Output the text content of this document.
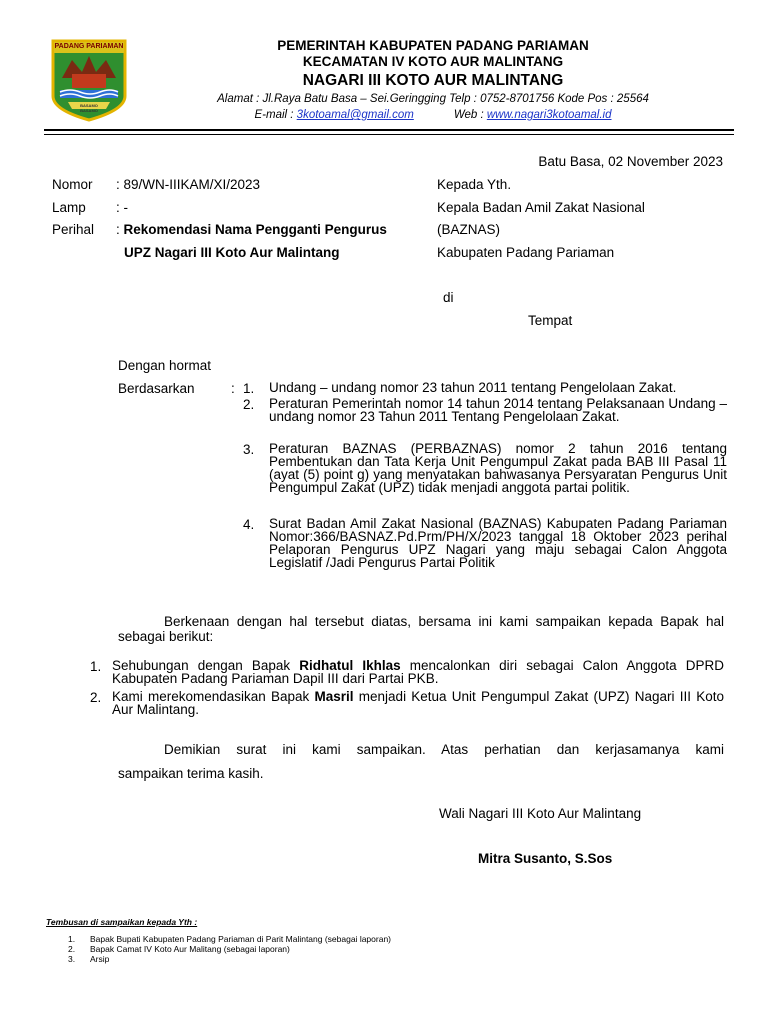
PADANG PARIAMAN
BASAMO BASAMO
PEMERINTAH KABUPATEN PADANG PARIAMAN
KECAMATAN IV KOTO AUR MALINTANG
NAGARI III KOTO AUR MALINTANG
Alamat : Jl.Raya Batu Basa – Sei.Geringging Telp : 0752-8701756 Kode Pos : 25564
E-mail : 3kotoamal@gmail.com	Web : www.nagari3kotoamal.id
Batu Basa, 02 November 2023
Nomor : 89/WN-IIIKAM/XI/2023
Lamp : -
Perihal : Rekomendasi Nama Pengganti Pengurus
UPZ Nagari III Koto Aur Malintang
Kepada Yth.
Kepala Badan Amil Zakat Nasional
(BAZNAS)
Kabupaten Padang Pariaman
di
Tempat
Dengan hormat
Berdasarkan	: 1. Undang – undang nomor 23 tahun 2011 tentang Pengelolaan Zakat.
2. Peraturan Pemerintah nomor 14 tahun 2014 tentang Pelaksanaan Undang – undang nomor 23 Tahun 2011 Tentang Pengelolaan Zakat.
3. Peraturan BAZNAS (PERBAZNAS) nomor 2 tahun 2016 tentang Pembentukan dan Tata Kerja Unit Pengumpul Zakat pada BAB III Pasal 11 (ayat (5) point g) yang menyatakan bahwasanya Persyaratan Pengurus Unit Pengumpul Zakat (UPZ) tidak menjadi anggota partai politik.
4. Surat Badan Amil Zakat Nasional (BAZNAS) Kabupaten Padang Pariaman Nomor:366/BASNAZ.Pd.Prm/PH/X/2023 tanggal 18 Oktober 2023 perihal Pelaporan Pengurus UPZ Nagari yang maju sebagai Calon Anggota Legislatif /Jadi Pengurus Partai Politik
Berkenaan dengan hal tersebut diatas, bersama ini kami sampaikan kepada Bapak hal sebagai berikut:
1. Sehubungan dengan Bapak Ridhatul Ikhlas mencalonkan diri sebagai Calon Anggota DPRD Kabupaten Padang Pariaman Dapil III dari Partai PKB.
2. Kami merekomendasikan Bapak Masril menjadi Ketua Unit Pengumpul Zakat (UPZ) Nagari III Koto Aur Malintang.
Demikian surat ini kami sampaikan. Atas perhatian dan kerjasamanya kami
sampaikan terima kasih.
Wali Nagari III Koto Aur Malintang
Mitra Susanto, S.Sos
Tembusan di sampaikan kepada Yth :
1. Bapak Bupati Kabupaten Padang Pariaman di Parit Malintang (sebagai laporan)
2. Bapak Camat IV Koto Aur Malitang (sebagai laporan)
3. Arsip
